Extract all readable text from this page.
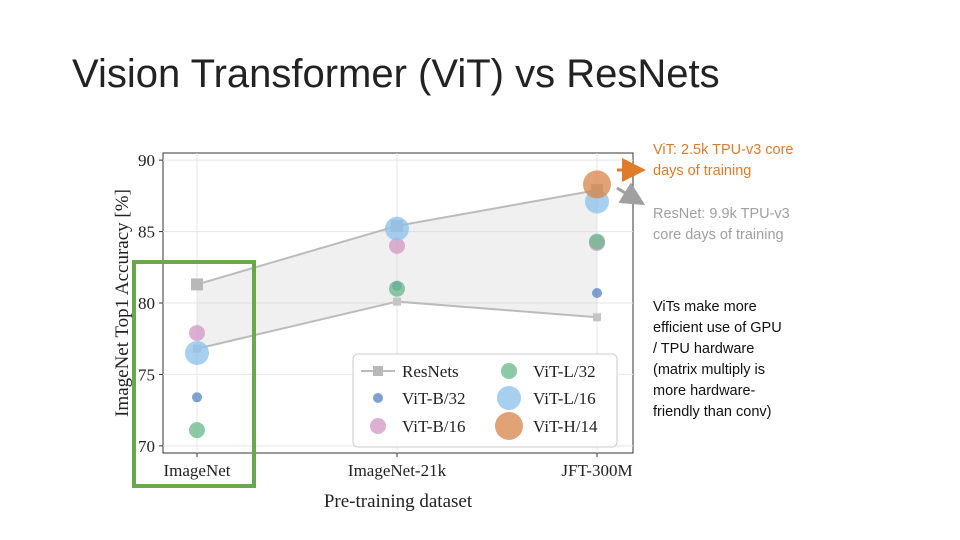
Vision Transformer (ViT) vs ResNets
70
75
80
85
90
ImageNet	ImageNet-21k	JFT-300M
Pre-training dataset
ImageNet Top1 Accuracy [%]	ResNets
ViT-B/32
ViT-B/16
ViT-L/32
ViT-L/16
ViT-H/14
ViT: 2.5k TPU-v3 core
days of training
ResNet: 9.9k TPU-v3
core days of training
ViTs make more
efficient use of GPU
/ TPU hardware
(matrix multiply is
more hardware-
friendly than conv)
